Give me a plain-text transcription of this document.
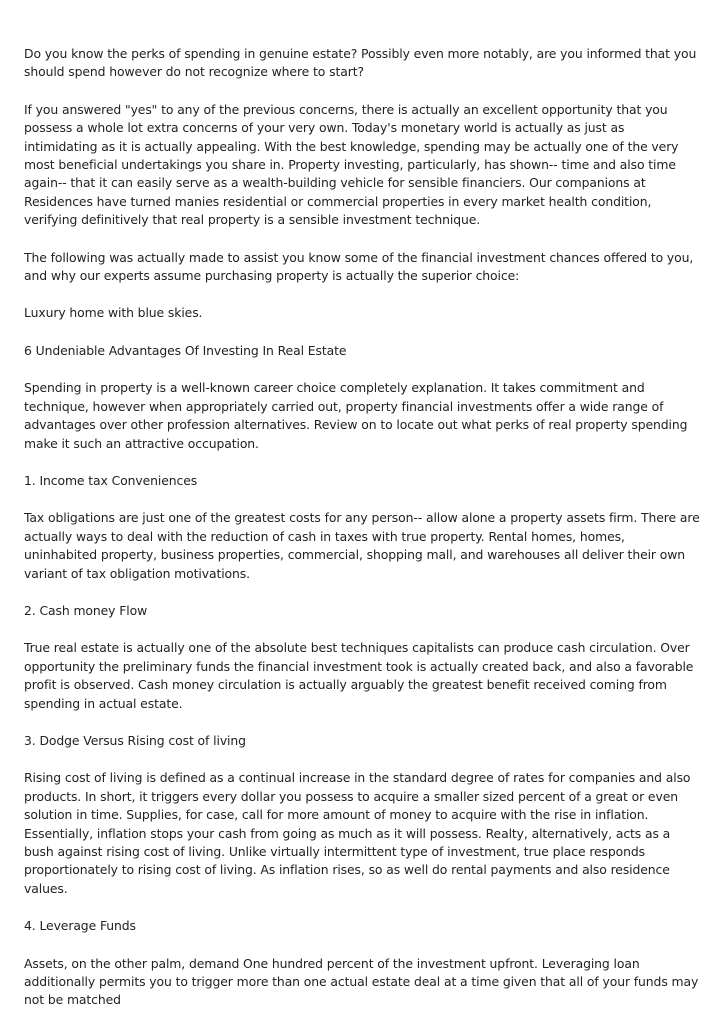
Do you know the perks of spending in genuine estate? Possibly even more notably, are you informed that you should spend however do not recognize where to start?

If you answered "yes" to any of the previous concerns, there is actually an excellent opportunity that you possess a whole lot extra concerns of your very own. Today's monetary world is actually as just as intimidating as it is actually appealing. With the best knowledge, spending may be actually one of the very most beneficial undertakings you share in. Property investing, particularly, has shown-- time and also time again-- that it can easily serve as a wealth-building vehicle for sensible financiers. Our companions at Residences have turned manies residential or commercial properties in every market health condition, verifying definitively that real property is a sensible investment technique.

The following was actually made to assist you know some of the financial investment chances offered to you, and why our experts assume purchasing property is actually the superior choice:

Luxury home with blue skies.

6 Undeniable Advantages Of Investing In Real Estate

Spending in property is a well-known career choice completely explanation. It takes commitment and technique, however when appropriately carried out, property financial investments offer a wide range of advantages over other profession alternatives. Review on to locate out what perks of real property spending make it such an attractive occupation.

1. Income tax Conveniences

Tax obligations are just one of the greatest costs for any person-- allow alone a property assets firm. There are actually ways to deal with the reduction of cash in taxes with true property. Rental homes, homes, uninhabited property, business properties, commercial, shopping mall, and warehouses all deliver their own variant of tax obligation motivations.

2. Cash money Flow

True real estate is actually one of the absolute best techniques capitalists can produce cash circulation. Over opportunity the preliminary funds the financial investment took is actually created back, and also a favorable profit is observed. Cash money circulation is actually arguably the greatest benefit received coming from spending in actual estate.

3. Dodge Versus Rising cost of living

Rising cost of living is defined as a continual increase in the standard degree of rates for companies and also products. In short, it triggers every dollar you possess to acquire a smaller sized percent of a great or even solution in time. Supplies, for case, call for more amount of money to acquire with the rise in inflation. Essentially, inflation stops your cash from going as much as it will possess. Realty, alternatively, acts as a bush against rising cost of living. Unlike virtually intermittent type of investment, true place responds proportionately to rising cost of living. As inflation rises, so as well do rental payments and also residence values.

4. Leverage Funds

Assets, on the other palm, demand One hundred percent of the investment upfront. Leveraging loan additionally permits you to trigger more than one actual estate deal at a time given that all of your funds may not be matched
